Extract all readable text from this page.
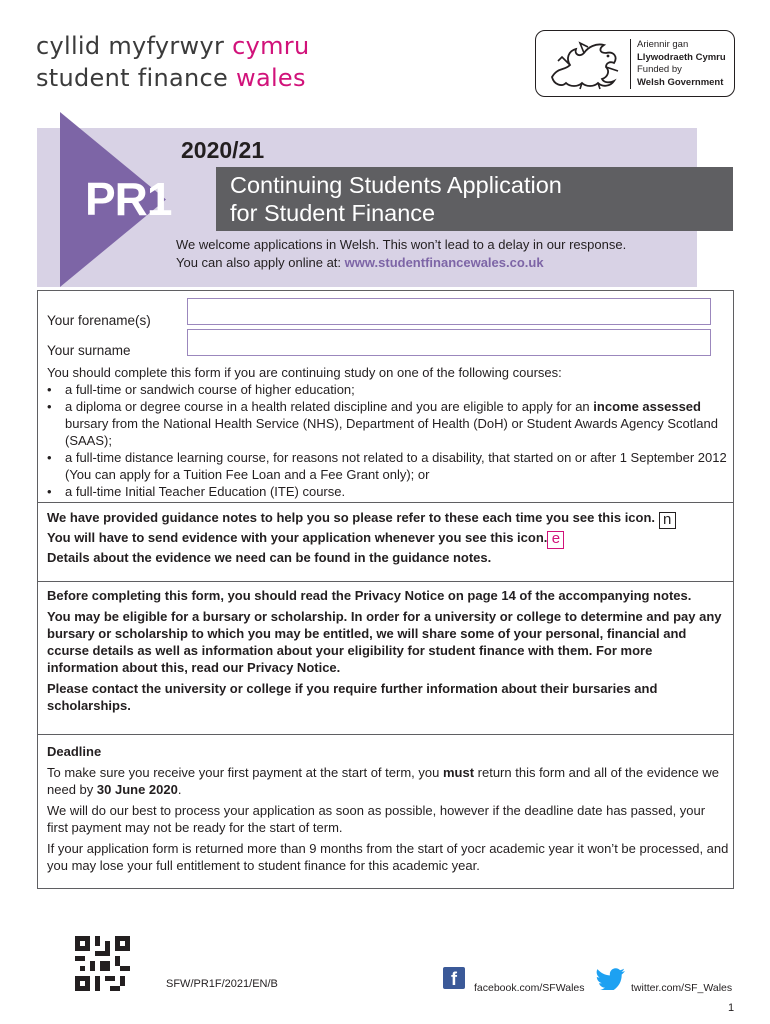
cyllid myfyrwyr cymru
student finance wales
Ariennir gan
Llywodraeth Cymru
Funded by
Welsh Government
PR1
2020/21
Continuing Students Application
for Student Finance
We welcome applications in Welsh. This won’t lead to a delay in our response.
You can also apply online at: www.studentfinancewales.co.uk
Your forename(s)
Your surname

You should complete this form if you are continuing study on one of the following courses:

• a full-time or sandwich course of higher education;
• a diploma or degree course in a health related discipline and you are eligible to apply for an income assessed bursary from the National Health Service (NHS), Department of Health (DoH) or Student Awards Agency Scotland (SAAS);
• a full-time distance learning course, for reasons not related to a disability, that started on or after 1 September 2012 (You can apply for a Tuition Fee Loan and a Fee Grant only); or
• a full-time Initial Teacher Education (ITE) course.

We have provided guidance notes to help you so please refer to these each time you see this icon. n

You will have to send evidence with your application whenever you see this icon. e

Details about the evidence we need can be found in the guidance notes.

Before completing this form, you should read the Privacy Notice on page 14 of the accompanying notes.

You may be eligible for a bursary or scholarship. In order for a university or college to determine and pay any bursary or scholarship to which you may be entitled, we will share some of your personal, financial and ccurse details as well as information about your eligibility for student finance with them. For more information about this, read our Privacy Notice.

Please contact the university or college if you require further information about their bursaries and scholarships.

Deadline

To make sure you receive your first payment at the start of term, you must return this form and all of the evidence we need by 30 June 2020.

We will do our best to process your application as soon as possible, however if the deadline date has passed, your first payment may not be ready for the start of term.

If your application form is returned more than 9 months from the start of yocr academic year it won’t be processed, and you may lose your full entitlement to student finance for this academic year.

SFW/PR1F/2021/EN/B	f	facebook.com/SFWales	twitter.com/SF_Wales
1
